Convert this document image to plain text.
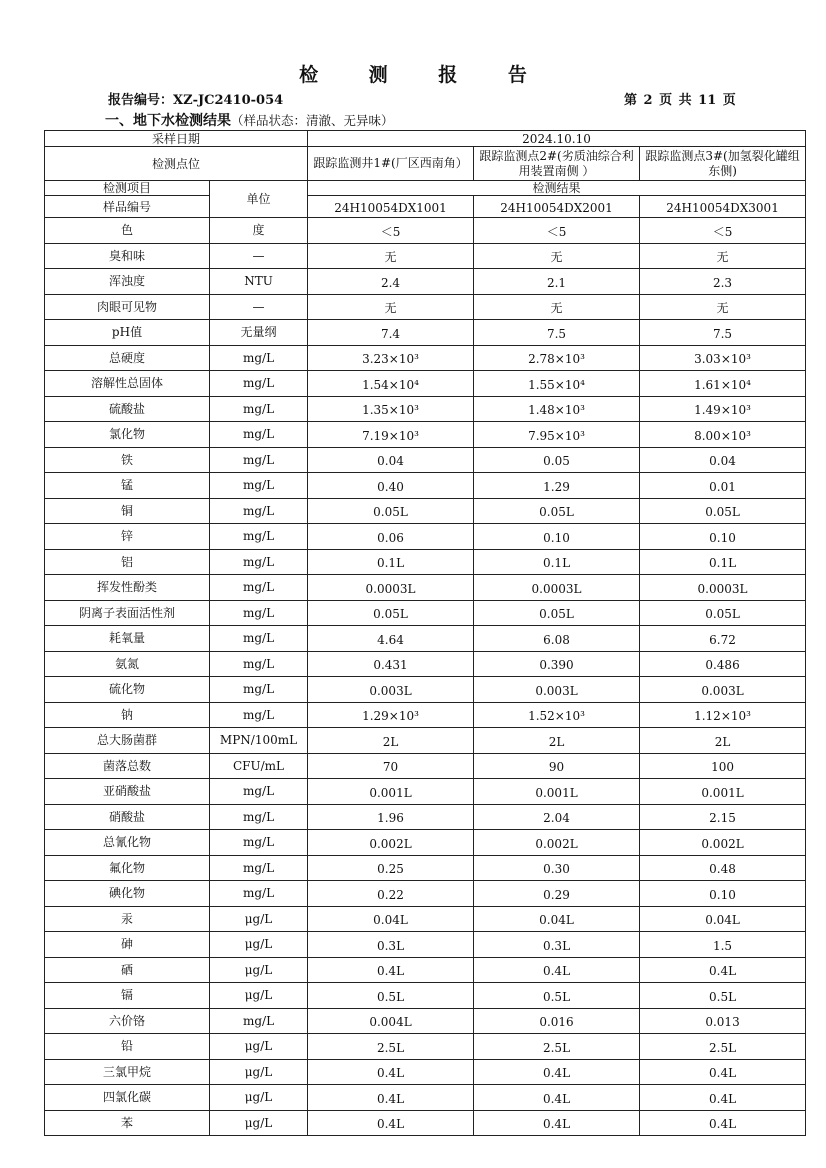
检 测 报 告
报告编号：XZ-JC2410-054	第 2 页 共 11 页
一、地下水检测结果（样品状态：清澈、无异味）
采样日期		2024.10.10		
检测点位		跟踪监测井1#(厂区西南角）	跟踪监测点2#(劣质油综合利用装置南侧 ）	跟踪监测点3#(加氢裂化罐组东侧)
检测项目	单位	检测结果		
样品编号		24H10054DX1001	24H10054DX2001	24H10054DX3001
色	度	＜5	＜5	＜5
臭和味	—	无	无	无
浑浊度	NTU	2.4	2.1	2.3
肉眼可见物	—	无	无	无
pH值	无量纲	7.4	7.5	7.5
总硬度	mg/L	3.23×10³	2.78×10³	3.03×10³
溶解性总固体	mg/L	1.54×10⁴	1.55×10⁴	1.61×10⁴
硫酸盐	mg/L	1.35×10³	1.48×10³	1.49×10³
氯化物	mg/L	7.19×10³	7.95×10³	8.00×10³
铁	mg/L	0.04	0.05	0.04
锰	mg/L	0.40	1.29	0.01
铜	mg/L	0.05L	0.05L	0.05L
锌	mg/L	0.06	0.10	0.10
铝	mg/L	0.1L	0.1L	0.1L
挥发性酚类	mg/L	0.0003L	0.0003L	0.0003L
阴离子表面活性剂	mg/L	0.05L	0.05L	0.05L
耗氧量	mg/L	4.64	6.08	6.72
氨氮	mg/L	0.431	0.390	0.486
硫化物	mg/L	0.003L	0.003L	0.003L
钠	mg/L	1.29×10³	1.52×10³	1.12×10³
总大肠菌群	MPN/100mL	2L	2L	2L
菌落总数	CFU/mL	70	90	100
亚硝酸盐	mg/L	0.001L	0.001L	0.001L
硝酸盐	mg/L	1.96	2.04	2.15
总氰化物	mg/L	0.002L	0.002L	0.002L
氟化物	mg/L	0.25	0.30	0.48
碘化物	mg/L	0.22	0.29	0.10
汞	μg/L	0.04L	0.04L	0.04L
砷	μg/L	0.3L	0.3L	1.5
硒	μg/L	0.4L	0.4L	0.4L
镉	μg/L	0.5L	0.5L	0.5L
六价铬	mg/L	0.004L	0.016	0.013
铅	μg/L	2.5L	2.5L	2.5L
三氯甲烷	μg/L	0.4L	0.4L	0.4L
四氯化碳	μg/L	0.4L	0.4L	0.4L
苯	μg/L	0.4L	0.4L	0.4L
